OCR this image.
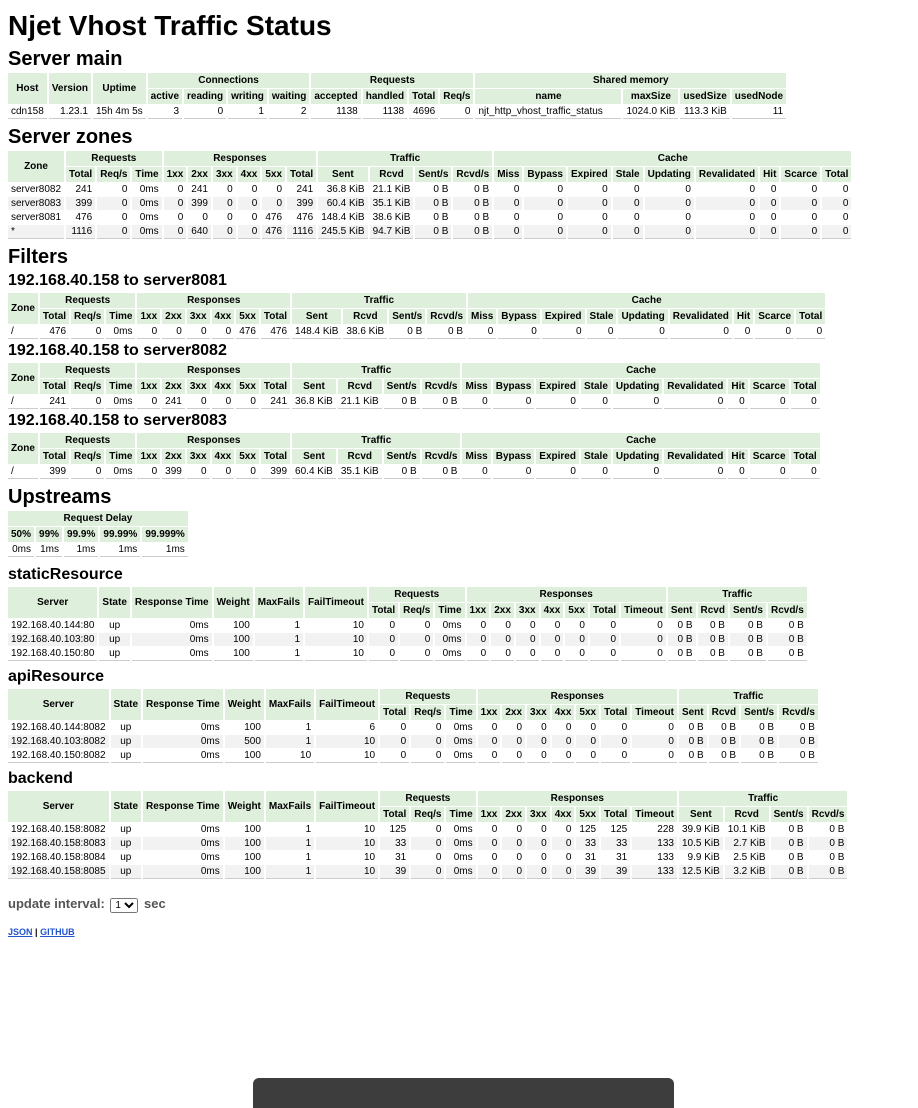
Njet Vhost Traffic Status
Server main
Host	Version	Uptime	Connections				Requests				Shared memory			
			active	reading	writing	waiting	accepted	handled	Total	Req/s	name	maxSize	usedSize	usedNode
cdn158	1.23.1	15h 4m 5s	3	0	1	2	1138	1138	4696	0	njt_http_vhost_traffic_status	1024.0 KiB	113.3 KiB	11
Server zones
Zone	Requests			Responses						Traffic				Cache								
	Total	Req/s	Time	1xx	2xx	3xx	4xx	5xx	Total	Sent	Rcvd	Sent/s	Rcvd/s	Miss	Bypass	Expired	Stale	Updating	Revalidated	Hit	Scarce	Total
server8082	241	0	0ms	0	241	0	0	0	241	36.8 KiB	21.1 KiB	0 B	0 B	0	0	0	0	0	0	0	0	0
server8083	399	0	0ms	0	399	0	0	0	399	60.4 KiB	35.1 KiB	0 B	0 B	0	0	0	0	0	0	0	0	0
server8081	476	0	0ms	0	0	0	0	476	476	148.4 KiB	38.6 KiB	0 B	0 B	0	0	0	0	0	0	0	0	0
*	1116	0	0ms	0	640	0	0	476	1116	245.5 KiB	94.7 KiB	0 B	0 B	0	0	0	0	0	0	0	0	0
Filters
192.168.40.158 to server8081
Zone	Requests			Responses						Traffic				Cache								
	Total	Req/s	Time	1xx	2xx	3xx	4xx	5xx	Total	Sent	Rcvd	Sent/s	Rcvd/s	Miss	Bypass	Expired	Stale	Updating	Revalidated	Hit	Scarce	Total
/	476	0	0ms	0	0	0	0	476	476	148.4 KiB	38.6 KiB	0 B	0 B	0	0	0	0	0	0	0	0	0
192.168.40.158 to server8082
Zone	Requests			Responses						Traffic				Cache								
	Total	Req/s	Time	1xx	2xx	3xx	4xx	5xx	Total	Sent	Rcvd	Sent/s	Rcvd/s	Miss	Bypass	Expired	Stale	Updating	Revalidated	Hit	Scarce	Total
/	241	0	0ms	0	241	0	0	0	241	36.8 KiB	21.1 KiB	0 B	0 B	0	0	0	0	0	0	0	0	0
192.168.40.158 to server8083
Zone	Requests			Responses						Traffic				Cache								
	Total	Req/s	Time	1xx	2xx	3xx	4xx	5xx	Total	Sent	Rcvd	Sent/s	Rcvd/s	Miss	Bypass	Expired	Stale	Updating	Revalidated	Hit	Scarce	Total
/	399	0	0ms	0	399	0	0	0	399	60.4 KiB	35.1 KiB	0 B	0 B	0	0	0	0	0	0	0	0	0
Upstreams
Request Delay				
50%	99%	99.9%	99.99%	99.999%
0ms	1ms	1ms	1ms	1ms
staticResource
Server	State	Response Time	Weight	MaxFails	FailTimeout	Requests			Responses							Traffic			
						Total	Req/s	Time	1xx	2xx	3xx	4xx	5xx	Total	Timeout	Sent	Rcvd	Sent/s	Rcvd/s
192.168.40.144:80	up	0ms	100	1	10	0	0	0ms	0	0	0	0	0	0	0	0 B	0 B	0 B	0 B
192.168.40.103:80	up	0ms	100	1	10	0	0	0ms	0	0	0	0	0	0	0	0 B	0 B	0 B	0 B
192.168.40.150:80	up	0ms	100	1	10	0	0	0ms	0	0	0	0	0	0	0	0 B	0 B	0 B	0 B
apiResource
Server	State	Response Time	Weight	MaxFails	FailTimeout	Requests			Responses							Traffic			
						Total	Req/s	Time	1xx	2xx	3xx	4xx	5xx	Total	Timeout	Sent	Rcvd	Sent/s	Rcvd/s
192.168.40.144:8082	up	0ms	100	1	6	0	0	0ms	0	0	0	0	0	0	0	0 B	0 B	0 B	0 B
192.168.40.103:8082	up	0ms	500	1	10	0	0	0ms	0	0	0	0	0	0	0	0 B	0 B	0 B	0 B
192.168.40.150:8082	up	0ms	100	10	10	0	0	0ms	0	0	0	0	0	0	0	0 B	0 B	0 B	0 B
backend
Server	State	Response Time	Weight	MaxFails	FailTimeout	Requests			Responses							Traffic			
						Total	Req/s	Time	1xx	2xx	3xx	4xx	5xx	Total	Timeout	Sent	Rcvd	Sent/s	Rcvd/s
192.168.40.158:8082	up	0ms	100	1	10	125	0	0ms	0	0	0	0	125	125	228	39.9 KiB	10.1 KiB	0 B	0 B
192.168.40.158:8083	up	0ms	100	1	10	33	0	0ms	0	0	0	0	33	33	133	10.5 KiB	2.7 KiB	0 B	0 B
192.168.40.158:8084	up	0ms	100	1	10	31	0	0ms	0	0	0	0	31	31	133	9.9 KiB	2.5 KiB	0 B	0 B
192.168.40.158:8085	up	0ms	100	1	10	39	0	0ms	0	0	0	0	39	39	133	12.5 KiB	3.2 KiB	0 B	0 B
update interval:
1	sec
JSON | GITHUB
